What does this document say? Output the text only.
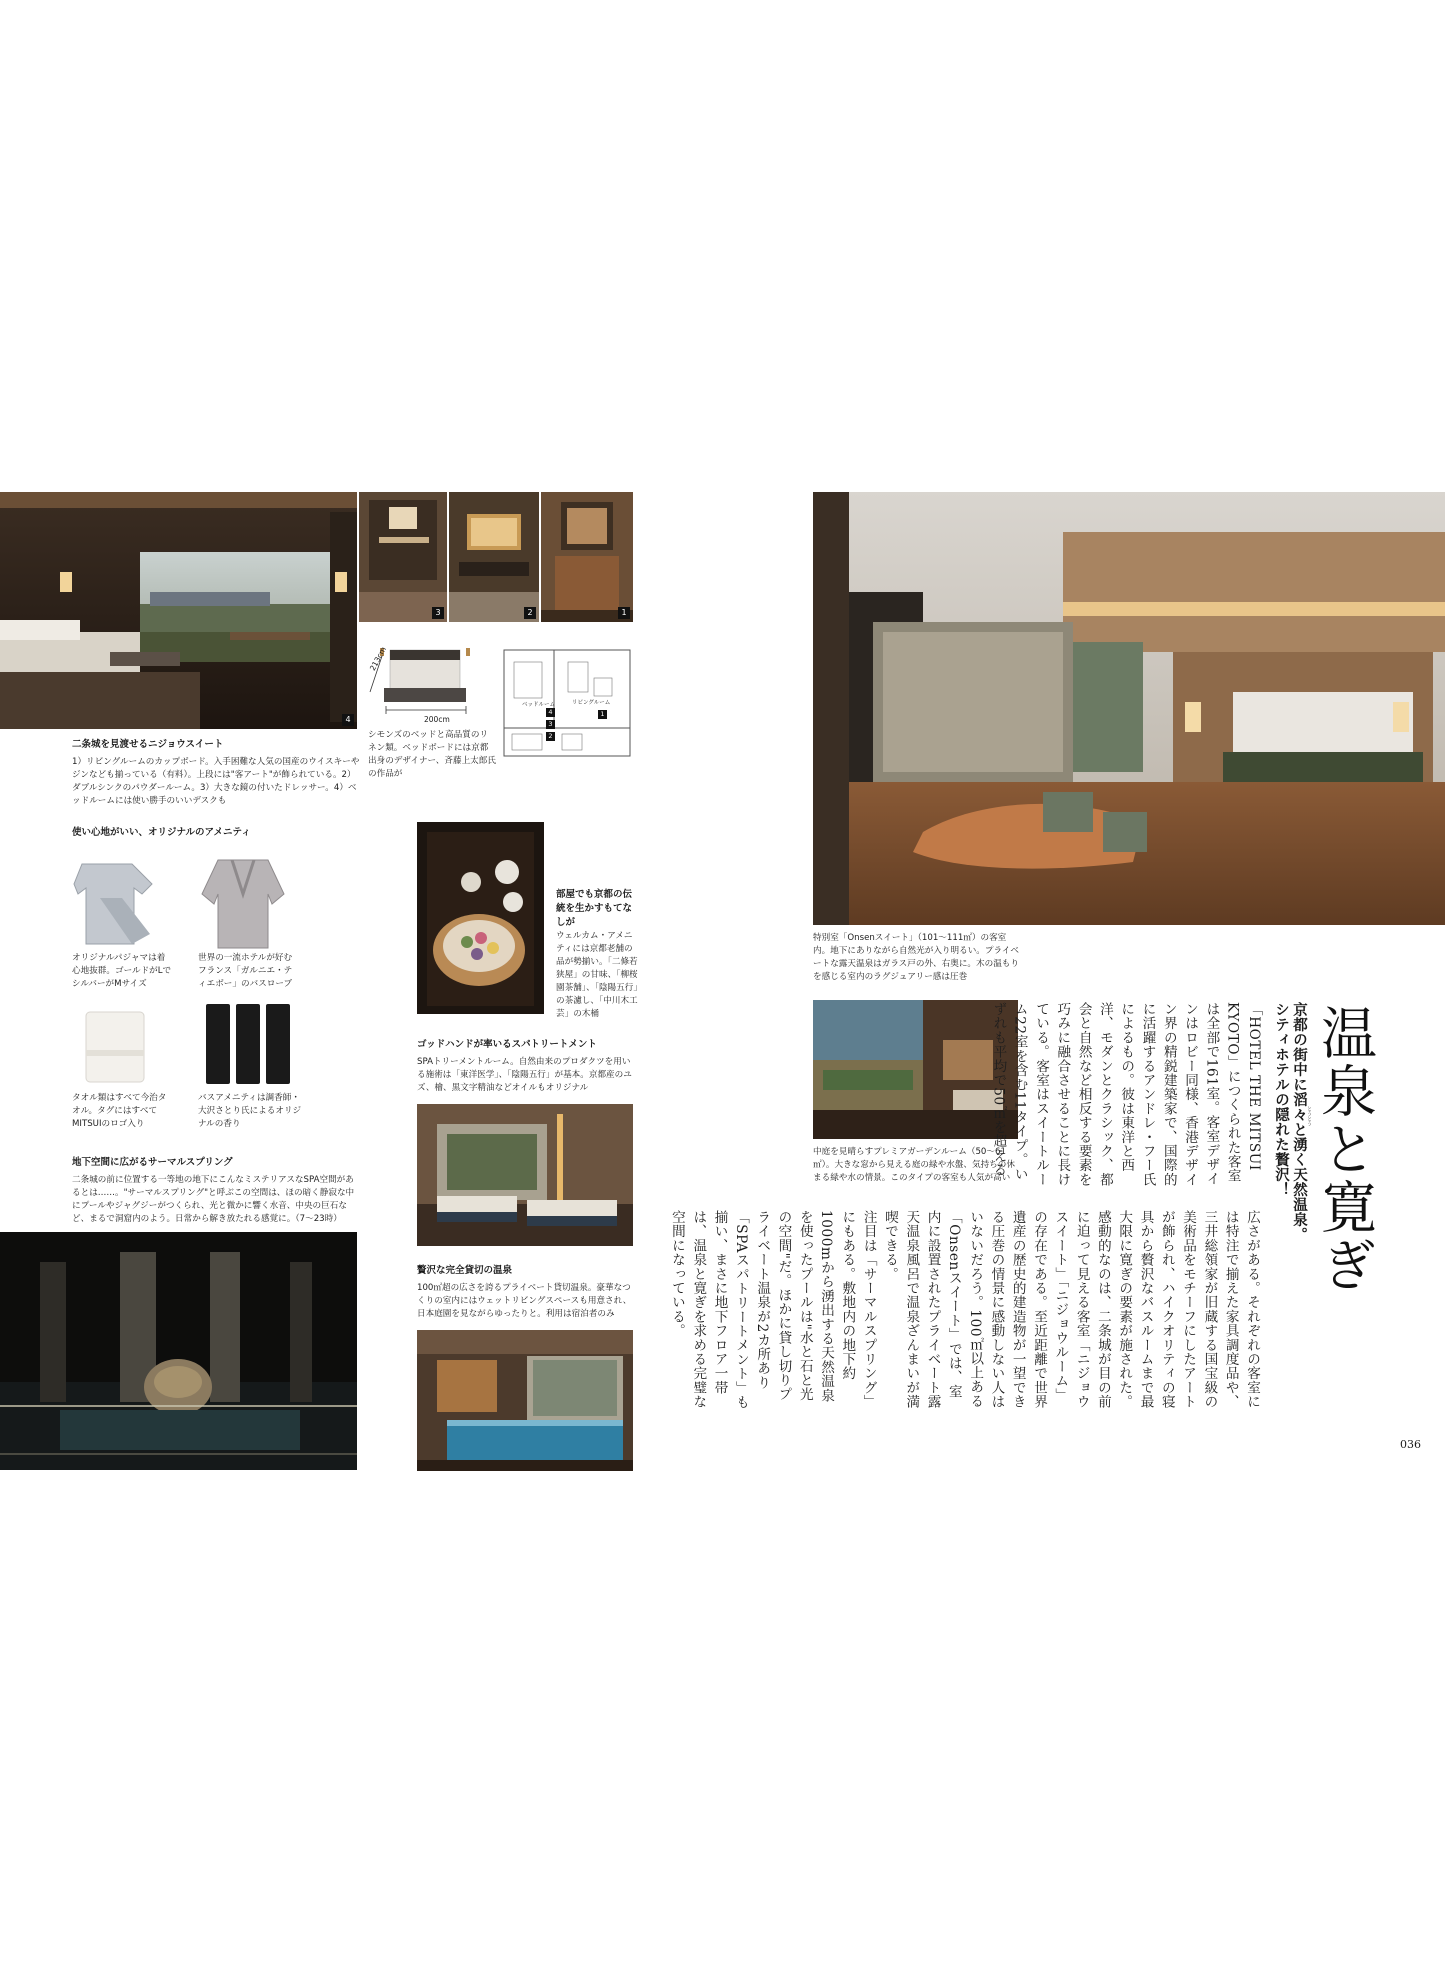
4
3	2	1
二条城を見渡せるニジョウスイート
1）リビングルームのカップボード。入手困難な人気の国産のウイスキーやジンなども揃っている（有料）。上段には"客アート"が飾られている。2）ダブルシンクのパウダールーム。3）大きな鏡の付いたドレッサー。4）ベッドルームには使い勝手のいいデスクも
200cm
213cm
シモンズのベッドと高品質のリネン類。ベッドボードには京都出身のデザイナー、斉藤上太郎氏の作品が
ベッドルーム	リビングルーム
1
2
3
4
使い心地がいい、オリジナルのアメニティ
オリジナルパジャマは着心地抜群。ゴールドがLでシルバーがMサイズ
世界の一流ホテルが好むフランス「ガルニエ・ティエボー」のバスローブ
タオル類はすべて今治タオル。タグにはすべてMITSUIのロゴ入り
バスアメニティは調香師・大沢さとり氏によるオリジナルの香り
地下空間に広がるサーマルスプリング
二条城の前に位置する一等地の地下にこんなミステリアスなSPA空間があるとは……。"サーマルスプリング"と呼ぶこの空間は、ほの暗く静寂な中にプールやジャグジーがつくられ、光と微かに響く水音、中央の巨石など、まるで洞窟内のよう。日常から解き放たれる感覚に。（7〜23時）
部屋でも京都の伝統を生かすもてなしが
ウェルカム・アメニティには京都老舗の品が勢揃い。「二條若狭屋」の甘味、「柳桜園茶舗」、「陰陽五行」の茶濾し、「中川木工芸」の木桶
ゴッドハンドが率いるスパトリートメント
SPAトリーメントルーム。自然由来のプロダクツを用いる施術は「東洋医学」、「陰陽五行」が基本。京都産のユズ、檜、黒文字精油などオイルもオリジナル
贅沢な完全貸切の温泉
100㎡超の広さを誇るプライベート貸切温泉。豪華なつくりの室内にはウェットリビングスペースも用意され、日本庭園を見ながらゆったりと。利用は宿泊者のみ
特別室「Onsenスイート」（101〜111㎡）の客室内。地下にありながら自然光が入り明るい。プライベートな露天温泉はガラス戸の外、右奥に。木の温もりを感じる室内のラグジュアリー感は圧巻
中庭を見晴らすプレミアガーデンルーム（50〜61㎡）。大きな窓から見える庭の緑や水盤、気持ちの休まる緑や水の情景。このタイプの客室も人気が高い	温泉と寛ぎ
京都の街中に滔々と湧く天然温泉。 とうとう
シティホテルの隠れた贅沢！

「HOTEL THE MITSUI KYOTO」につくられた客室は全部で161室。客室デザインはロビー同様、香港デザイン界の精鋭建築家で、国際的に活躍するアンドレ・フー氏によるもの。彼は東洋と西洋、モダンとクラシック、都会と自然など相反する要素を巧みに融合させることに長けている。客室はスイートルーム22室を含む11タイプ。いずれも平均で50㎡を超える

広さがある。それぞれの客室には特注で揃えた家具調度品や、三井総領家が旧蔵する国宝級の美術品をモチーフにしたアートが飾られ、ハイクオリティの寝具から贅沢なバスルームまで最大限に寛ぎの要素が施された。

感動的なのは、二条城が目の前に迫って見える客室「ニジョウスイート」「ニジョウルーム」の存在である。至近距離で世界遺産の歴史的建造物が一望できる圧巻の情景に感動しない人はいないだろう。100㎡以上ある「Onsenスイート」では、室内に設置されたプライベート露天温泉風呂で温泉ざんまいが満喫できる。

注目は「サーマルスプリング」にもある。敷地内の地下約1000mから湧出する天然温泉を使ったプールは"水と石と光の空間"だ。ほかに貸し切りプライベート温泉が2カ所あり「SPAスパトリートメント」も揃い、まさに地下フロア一帯は、温泉と寛ぎを求める完璧な空間になっている。

036
